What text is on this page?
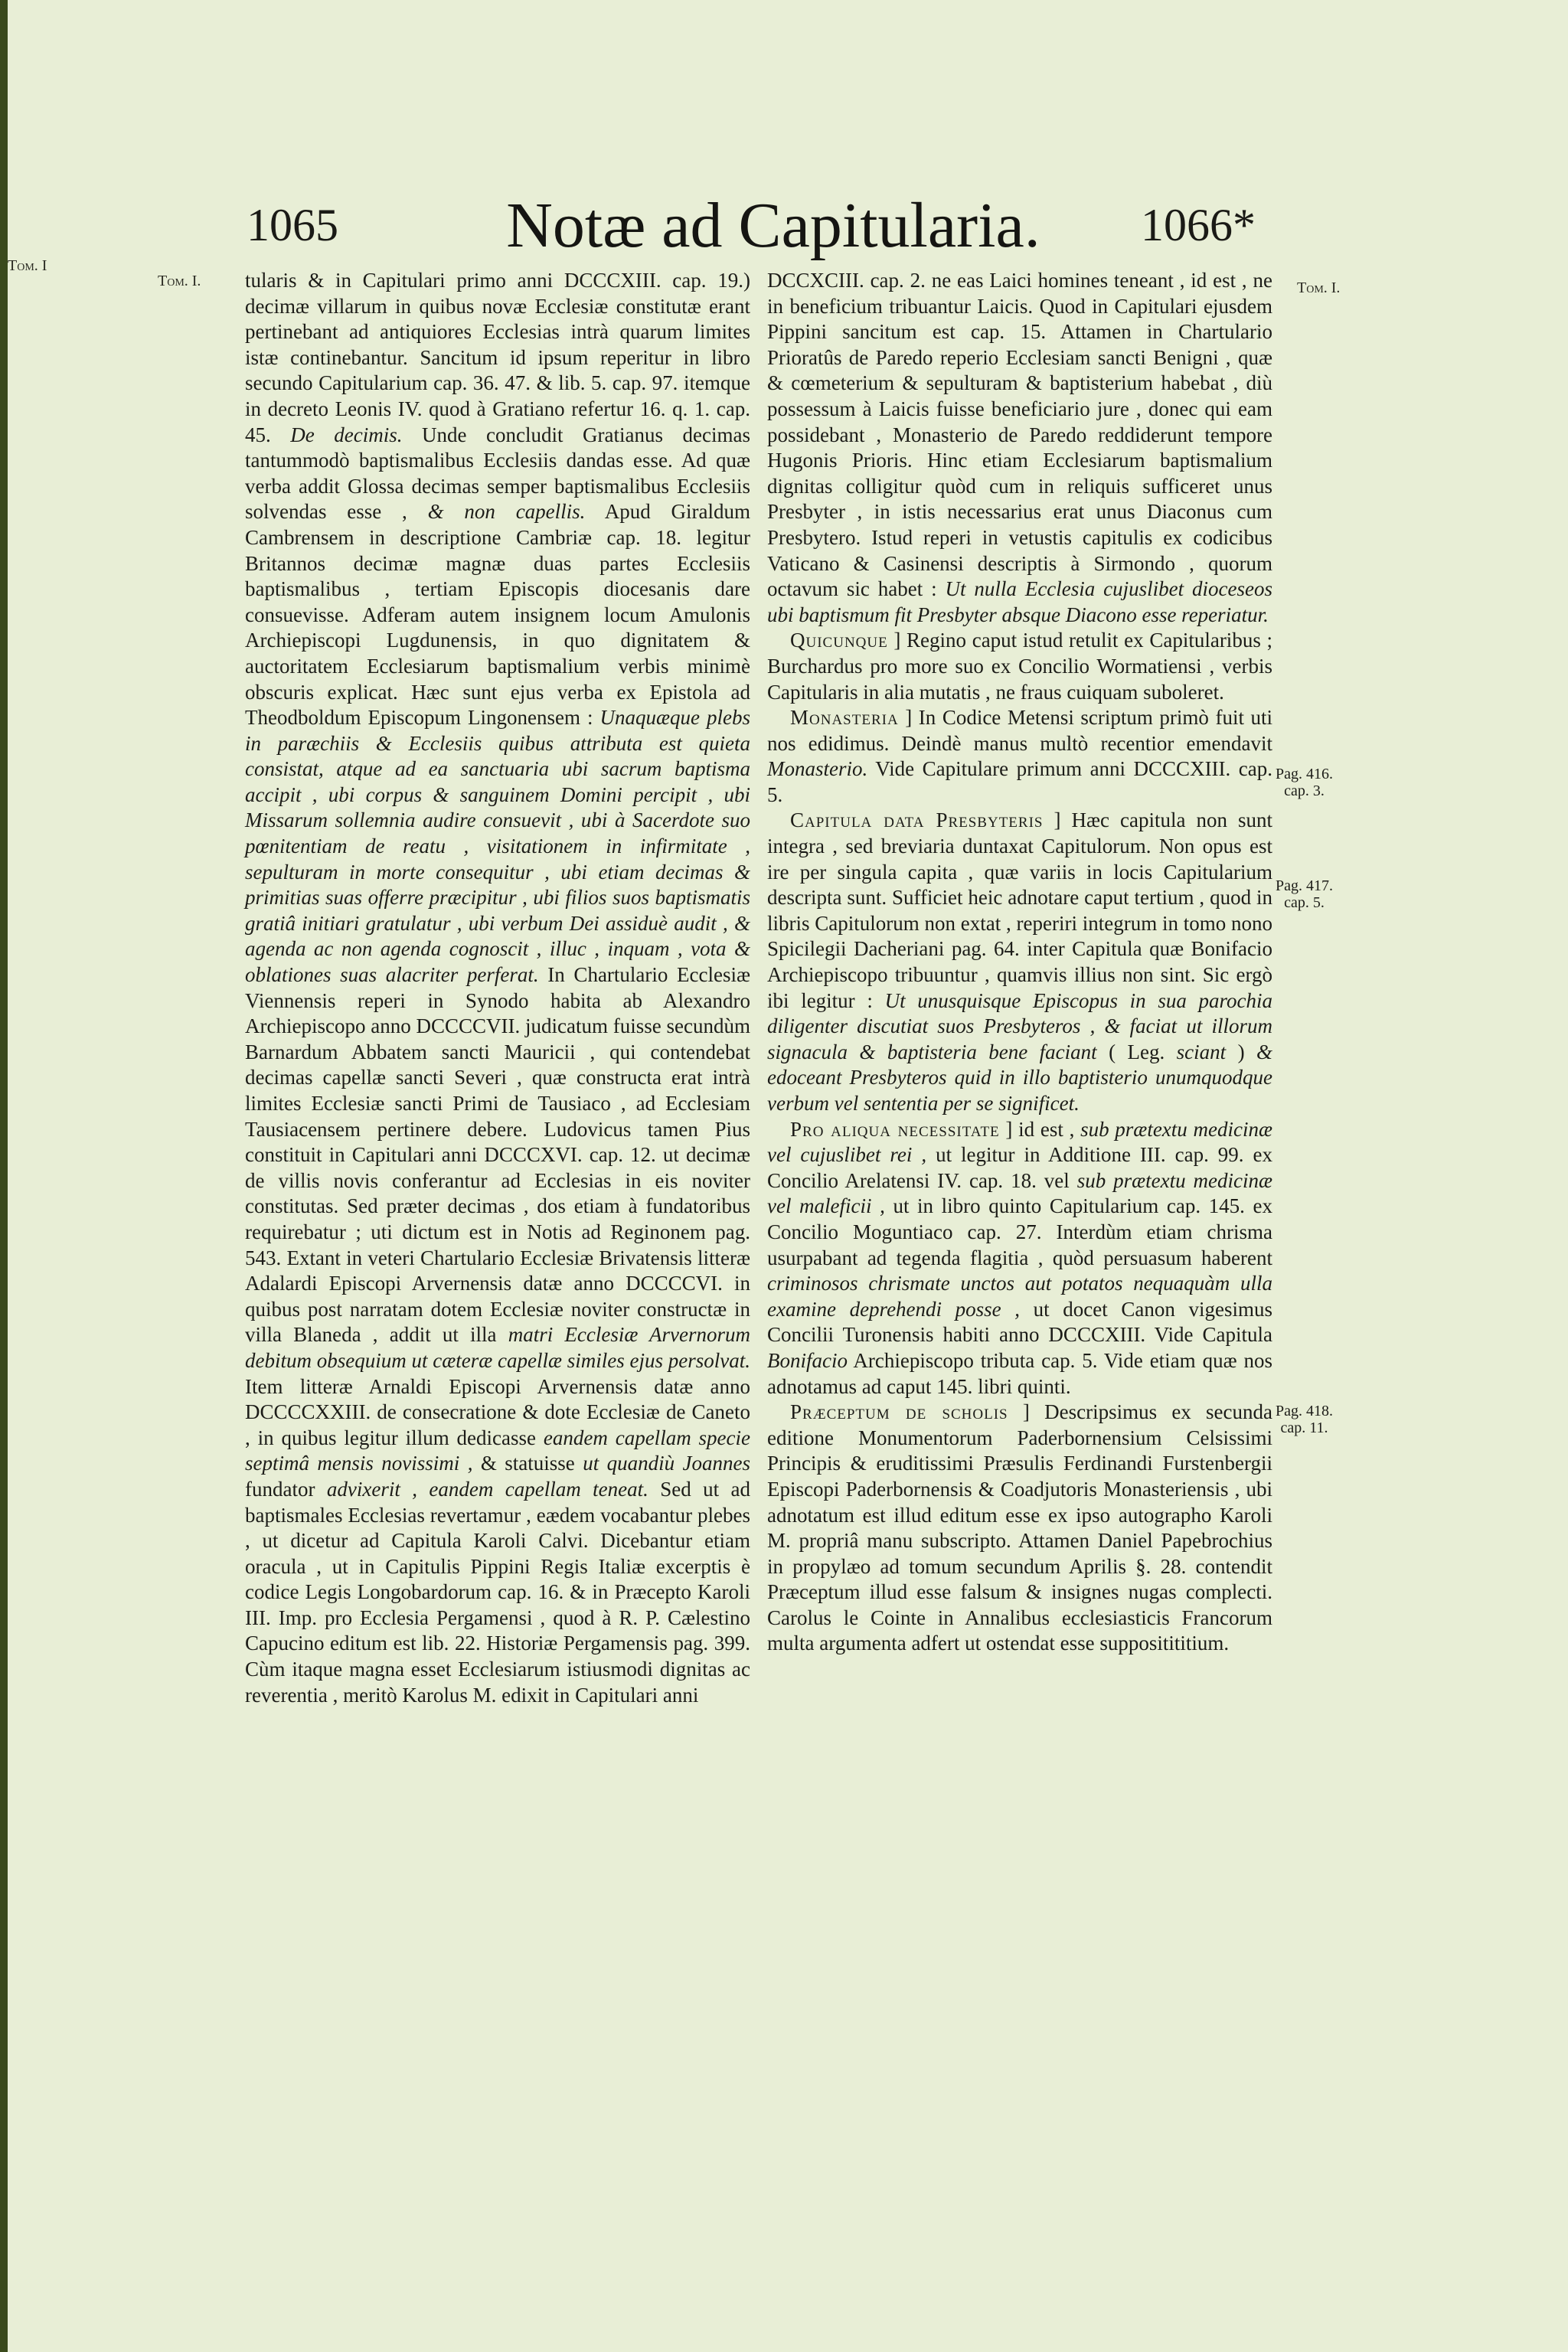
Tom. I
1065	Notæ ad Capitularia.	1066*
Tom. I.	Tom. I.
Pag. 416.
cap. 3.
Pag. 417.
cap. 5.
Pag. 418.
cap. 11.

tularis & in Capitulari primo anni DCCCXIII. cap. 19.) decimæ villarum in quibus novæ Ecclesiæ constitutæ erant pertinebant ad antiquiores Ecclesias intrà quarum limites istæ continebantur. Sancitum id ipsum reperitur in libro secundo Capitularium cap. 36. 47. & lib. 5. cap. 97. itemque in decreto Leonis IV. quod à Gratiano refertur 16. q. 1. cap. 45. De decimis. Unde concludit Gratianus decimas tantummodò baptismalibus Ecclesiis dandas esse. Ad quæ verba addit Glossa decimas semper baptismalibus Ecclesiis solvendas esse , & non capellis. Apud Giraldum Cambrensem in descriptione Cambriæ cap. 18. legitur Britannos decimæ magnæ duas partes Ecclesiis baptismalibus , tertiam Episcopis diocesanis dare consuevisse. Adferam autem insignem locum Amulonis Archiepiscopi Lugdunensis, in quo dignitatem & auctoritatem Ecclesiarum baptismalium verbis minimè obscuris explicat. Hæc sunt ejus verba ex Epistola ad Theodboldum Episcopum Lingonensem : Unaquæque plebs in paræchiis & Ecclesiis quibus attributa est quieta consistat, atque ad ea sanctuaria ubi sacrum baptisma accipit , ubi corpus & sanguinem Domini percipit , ubi Missarum sollemnia audire consuevit , ubi à Sacerdote suo pœnitentiam de reatu , visitationem in infirmitate , sepulturam in morte consequitur , ubi etiam decimas & primitias suas offerre præcipitur , ubi filios suos baptismatis gratiâ initiari gratulatur , ubi verbum Dei assiduè audit , & agenda ac non agenda cognoscit , illuc , inquam , vota & oblationes suas alacriter perferat. In Chartulario Ecclesiæ Viennensis reperi in Synodo habita ab Alexandro Archiepiscopo anno DCCCCVII. judicatum fuisse secundùm Barnardum Abbatem sancti Mauricii , qui contendebat decimas capellæ sancti Severi , quæ constructa erat intrà limites Ecclesiæ sancti Primi de Tausiaco , ad Ecclesiam Tausiacensem pertinere debere. Ludovicus tamen Pius constituit in Capitulari anni DCCCXVI. cap. 12. ut decimæ de villis novis conferantur ad Ecclesias in eis noviter constitutas. Sed præter decimas , dos etiam à fundatoribus requirebatur ; uti dictum est in Notis ad Reginonem pag. 543. Extant in veteri Chartulario Ecclesiæ Brivatensis litteræ Adalardi Episcopi Arvernensis datæ anno DCCCCVI. in quibus post narratam dotem Ecclesiæ noviter constructæ in villa Blaneda , addit ut illa matri Ecclesiæ Arvernorum debitum obsequium ut cæteræ capellæ similes ejus persolvat. Item litteræ Arnaldi Episcopi Arvernensis datæ anno DCCCCXXIII. de consecratione & dote Ecclesiæ de Caneto , in quibus legitur illum dedicasse eandem capellam specie septimâ mensis novissimi , & statuisse ut quandiù Joannes fundator advixerit , eandem capellam teneat. Sed ut ad baptismales Ecclesias revertamur , eædem vocabantur plebes , ut dicetur ad Capitula Karoli Calvi. Dicebantur etiam oracula , ut in Capitulis Pippini Regis Italiæ excerptis è codice Legis Longobardorum cap. 16. & in Præcepto Karoli III. Imp. pro Ecclesia Pergamensi , quod à R. P. Cælestino Capucino editum est lib. 22. Historiæ Pergamensis pag. 399. Cùm itaque magna esset Ecclesiarum istiusmodi dignitas ac reverentia , meritò Karolus M. edixit in Capitulari anni

DCCXCIII. cap. 2. ne eas Laici homines teneant , id est , ne in beneficium tribuantur Laicis. Quod in Capitulari ejusdem Pippini sancitum est cap. 15. Attamen in Chartulario Prioratûs de Paredo reperio Ecclesiam sancti Benigni , quæ & cœmeterium & sepulturam & baptisterium habebat , diù possessum à Laicis fuisse beneficiario jure , donec qui eam possidebant , Monasterio de Paredo reddiderunt tempore Hugonis Prioris. Hinc etiam Ecclesiarum baptismalium dignitas colligitur quòd cum in reliquis sufficeret unus Presbyter , in istis necessarius erat unus Diaconus cum Presbytero. Istud reperi in vetustis capitulis ex codicibus Vaticano & Casinensi descriptis à Sirmondo , quorum octavum sic habet : Ut nulla Ecclesia cujuslibet dioceseos ubi baptismum fit Presbyter absque Diacono esse reperiatur.

Quicunque ] Regino caput istud retulit ex Capitularibus ; Burchardus pro more suo ex Concilio Wormatiensi , verbis Capitularis in alia mutatis , ne fraus cuiquam suboleret.

Monasteria ] In Codice Metensi scriptum primò fuit uti nos edidimus. Deindè manus multò recentior emendavit Monasterio. Vide Capitulare primum anni DCCCXIII. cap. 5.

Capitula data Presbyteris ] Hæc capitula non sunt integra , sed breviaria duntaxat Capitulorum. Non opus est ire per singula capita , quæ variis in locis Capitularium descripta sunt. Sufficiet heic adnotare caput tertium , quod in libris Capitulorum non extat , reperiri integrum in tomo nono Spicilegii Dacheriani pag. 64. inter Capitula quæ Bonifacio Archiepiscopo tribuuntur , quamvis illius non sint. Sic ergò ibi legitur : Ut unusquisque Episcopus in sua parochia diligenter discutiat suos Presbyteros , & faciat ut illorum signacula & baptisteria bene faciant ( Leg. sciant ) & edoceant Presbyteros quid in illo baptisterio unumquodque verbum vel sententia per se significet.

Pro aliqua necessitate ] id est , sub prætextu medicinæ vel cujuslibet rei , ut legitur in Additione III. cap. 99. ex Concilio Arelatensi IV. cap. 18. vel sub prætextu medicinæ vel maleficii , ut in libro quinto Capitularium cap. 145. ex Concilio Moguntiaco cap. 27. Interdùm etiam chrisma usurpabant ad tegenda flagitia , quòd persuasum haberent criminosos chrismate unctos aut potatos nequaquàm ulla examine deprehendi posse , ut docet Canon vigesimus Concilii Turonensis habiti anno DCCCXIII. Vide Capitula Bonifacio Archiepiscopo tributa cap. 5. Vide etiam quæ nos adnotamus ad caput 145. libri quinti.

Præceptum de scholis ] Descripsimus ex secunda editione Monumentorum Paderbornensium Celsissimi Principis & eruditissimi Præsulis Ferdinandi Furstenbergii Episcopi Paderbornensis & Coadjutoris Monasteriensis , ubi adnotatum est illud editum esse ex ipso autographo Karoli M. propriâ manu subscripto. Attamen Daniel Papebrochius in propylæo ad tomum secundum Aprilis §. 28. contendit Præceptum illud esse falsum & insignes nugas complecti. Carolus le Cointe in Annalibus ecclesiasticis Francorum multa argumenta adfert ut ostendat esse suppositititium.
